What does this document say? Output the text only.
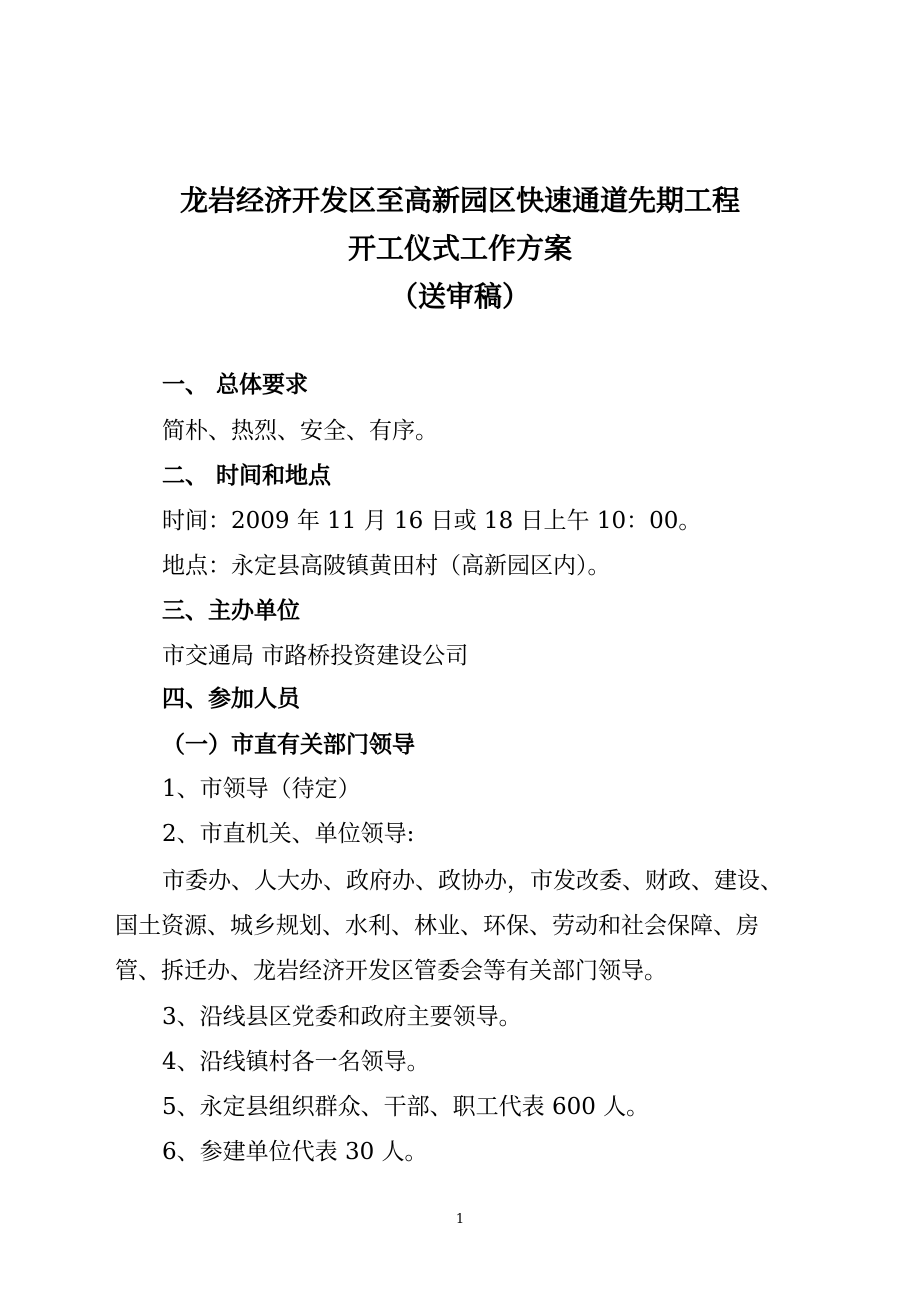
龙岩经济开发区至高新园区快速通道先期工程
开工仪式工作方案
（送审稿）
一、 总体要求
简朴、热烈、安全、有序。
二、 时间和地点
时间：2009 年 11 月 16 日或 18 日上午 10：00。
地点：永定县高陂镇黄田村（高新园区内）。
三、主办单位
市交通局 市路桥投资建设公司
四、参加人员
（一）市直有关部门领导
1、市领导（待定）
2、市直机关、单位领导:
市委办、人大办、政府办、政协办，市发改委、财政、建设、
国土资源、城乡规划、水利、林业、环保、劳动和社会保障、房
管、拆迁办、龙岩经济开发区管委会等有关部门领导。
3、沿线县区党委和政府主要领导。
4、沿线镇村各一名领导。
5、永定县组织群众、干部、职工代表 600 人。
6、参建单位代表 30 人。
1
